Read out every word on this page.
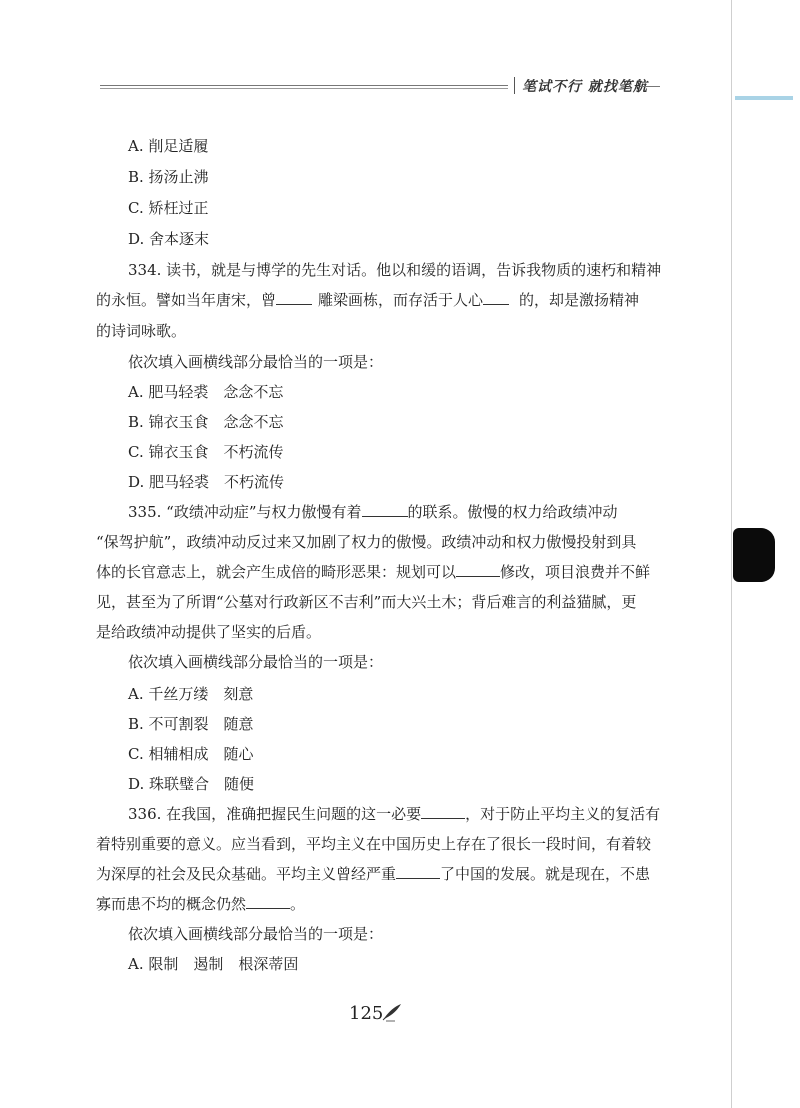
笔试不行 就找笔航
A. 削足适履
B. 扬汤止沸
C. 矫枉过正
D. 舍本逐末
334. 读书，就是与博学的先生对话。他以和缓的语调，告诉我物质的速朽和精神
的永恒。譬如当年唐宋，曾	雕梁画栋，而存活于人心 的，却是激扬精神
的诗词咏歌。
依次填入画横线部分最恰当的一项是：
A. 肥马轻裘　念念不忘
B. 锦衣玉食　念念不忘
C. 锦衣玉食　不朽流传
D. 肥马轻裘　不朽流传
335. “政绩冲动症”与权力傲慢有着	的联系。傲慢的权力给政绩冲动
“保驾护航”，政绩冲动反过来又加剧了权力的傲慢。政绩冲动和权力傲慢投射到具
体的长官意志上，就会产生成倍的畸形恶果：规划可以	修改，项目浪费并不鲜
见，甚至为了所谓“公墓对行政新区不吉利”而大兴土木；背后难言的利益猫腻，更
是给政绩冲动提供了坚实的后盾。
依次填入画横线部分最恰当的一项是：
A. 千丝万缕　刻意
B. 不可割裂　随意
C. 相辅相成　随心
D. 珠联璧合　随便
336. 在我国，准确把握民生问题的这一必要	，对于防止平均主义的复活有
着特别重要的意义。应当看到，平均主义在中国历史上存在了很长一段时间，有着较
为深厚的社会及民众基础。平均主义曾经严重	了中国的发展。就是现在，不患
寡而患不均的概念仍然	。
依次填入画横线部分最恰当的一项是：
A. 限制　遏制　根深蒂固
125
